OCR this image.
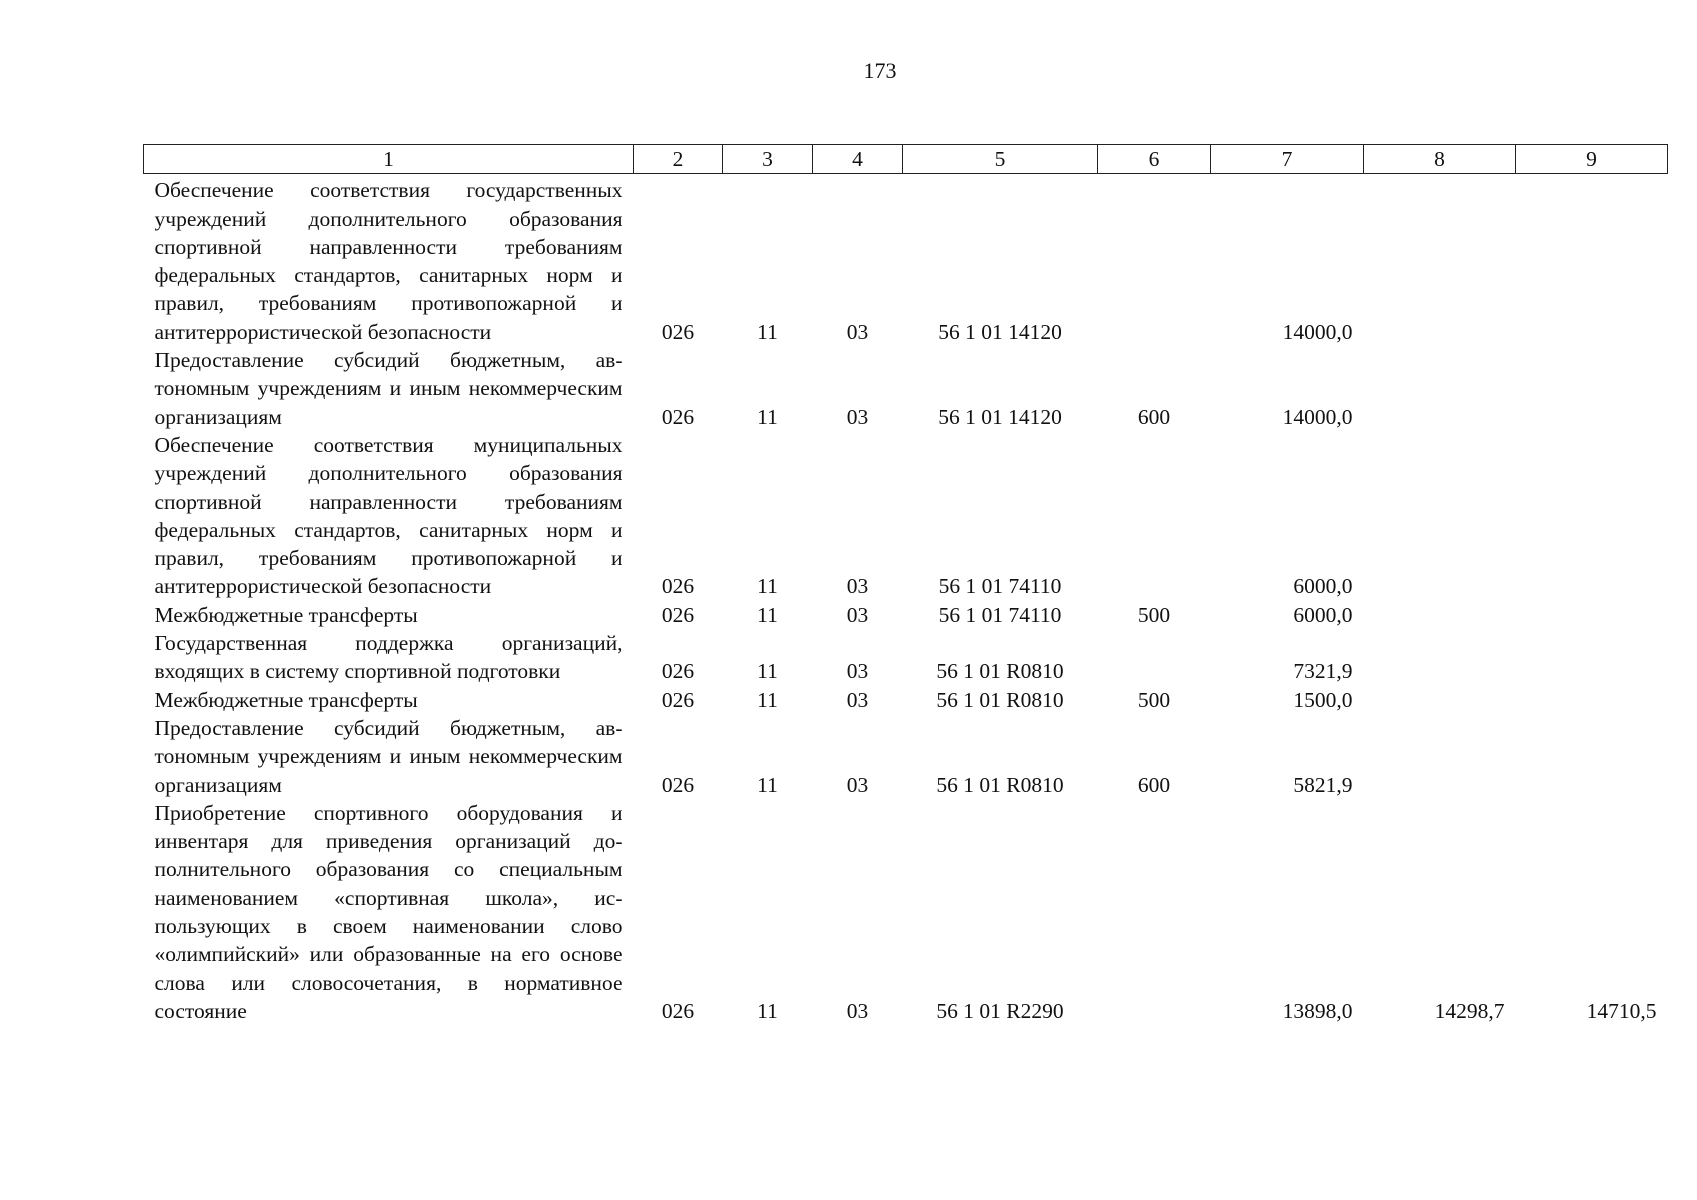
173
1	2	3	4	5	6	7	8	9
Обеспечение соответствия государственных учреждений дополнительного образования спортивной направленности требованиям федеральных стандартов, санитарных норм и правил, требованиям противопожарной и антитеррористической безопасности	026	11	03	56 1 01 14120		14000,0		
Предоставление субсидий бюджетным, автономным учреждениям и иным некоммерческим организациям	026	11	03	56 1 01 14120	600	14000,0		
Обеспечение соответствия муниципальных учреждений дополнительного образования спортивной направленности требованиям федеральных стандартов, санитарных норм и правил, требованиям противопожарной и антитеррористической безопасности	026	11	03	56 1 01 74110		6000,0		
Межбюджетные трансферты	026	11	03	56 1 01 74110	500	6000,0		
Государственная поддержка организаций, входящих в систему спортивной подготовки	026	11	03	56 1 01 R0810		7321,9		
Межбюджетные трансферты	026	11	03	56 1 01 R0810	500	1500,0		
Предоставление субсидий бюджетным, автономным учреждениям и иным некоммерческим организациям	026	11	03	56 1 01 R0810	600	5821,9		
Приобретение спортивного оборудования и инвентаря для приведения организаций дополнительного образования со специальным наименованием «спортивная школа», использующих в своем наименовании слово «олимпийский» или образованные на его основе слова или словосочетания, в нормативное состояние	026	11	03	56 1 01 R2290		13898,0	14298,7	14710,5
